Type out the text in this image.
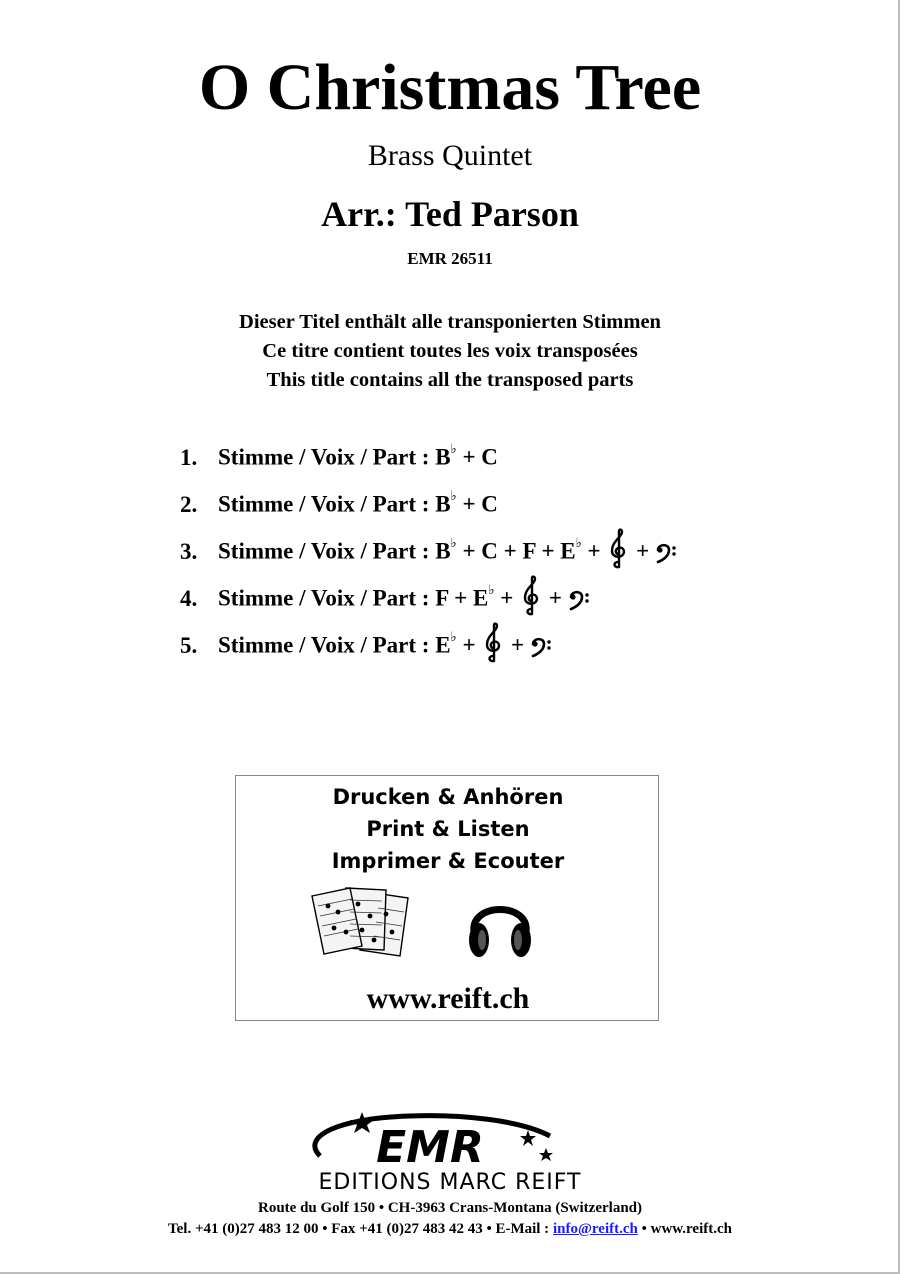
O Christmas Tree
Brass Quintet
Arr.: Ted Parson
EMR 26511
Dieser Titel enthält alle transponierten Stimmen
Ce titre contient toutes les voix transposées
This title contains all the transposed parts
1. Stimme / Voix / Part : B♭ + C
2. Stimme / Voix / Part : B♭ + C
3. Stimme / Voix / Part : B♭ + C + F + E♭ +  +
4. Stimme / Voix / Part : F + E♭ +  +
5. Stimme / Voix / Part : E♭ +  +
Drucken & Anhören
Print & Listen
Imprimer & Ecouter
www.reift.ch
EMR
EDITIONS MARC REIFT
Route du Golf 150 • CH-3963 Crans-Montana (Switzerland)
Tel. +41 (0)27 483 12 00 • Fax +41 (0)27 483 42 43 • E-Mail : info@reift.ch • www.reift.ch
